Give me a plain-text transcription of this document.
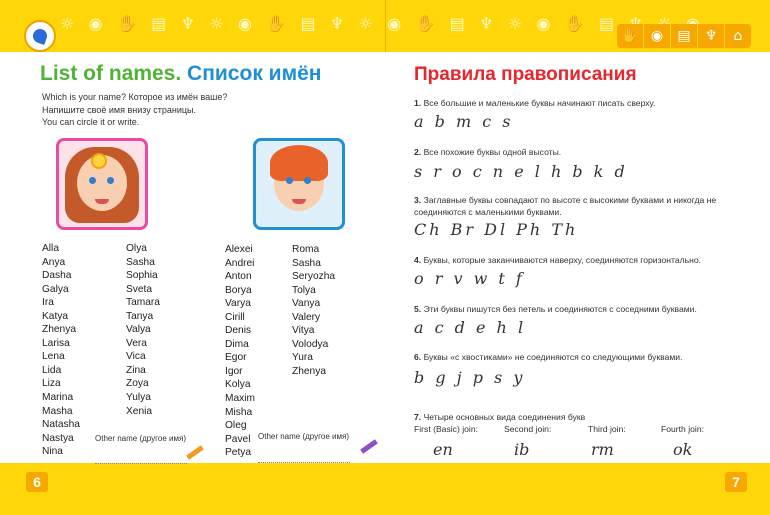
☼ ◉ ✋ ▤ ♆ ☼ ◉ ✋ ▤ ♆ ☼ ◉ ✋ ▤ ♆ ☼ ◉ ✋ ▤
✋ ◉	▤	♆	⌂
6	7
List of names. Список имён
Which is your name? Которое из имён ваше?
Напишите своё имя внизу страницы.
You can circle it or write.
Alla
Anya
Dasha
Galya
Ira
Katya
Zhenya
Larisa
Lena
Lida
Liza
Marina
Masha
Natasha
Nastya
Nina
Olya
Sasha
Sophia
Sveta
Tamara
Tanya
Valya
Vera
Vica
Zina
Zoya
Yulya
Xenia
Alexei
Andrei
Anton
Borya
Varya
Cirill
Denis
Dima
Egor
Igor
Kolya
Maxim
Misha
Oleg
Pavel
Petya
Roma
Sasha
Seryozha
Tolya
Vanya
Valery
Vitya
Volodya
Yura
Zhenya
Other name (другое имя)	Other name (другое имя)
Правила правописания
1. Все большие и маленькие буквы начинают писать сверху.
a b m c s
2. Все похожие буквы одной высоты.
s r o c n e l h b k d
3. Заглавные буквы совпадают по высоте с высокими буквами и никогда не соединяются с маленькими буквами.
Ch Br Dl Ph Th
4. Буквы, которые заканчиваются наверху, соединяются горизонтально.
o r v w t f
5. Эти буквы пишутся без петель и соединяются с соседними буквами.
a c d e h l
6. Буквы «с хвостиками» не соединяются со следующими буквами.
b g j p s y
7. Четыре основных вида соединения букв
First (Basic) join:	Second join:	Third join:	Fourth join:
en	ib	rm	ok
